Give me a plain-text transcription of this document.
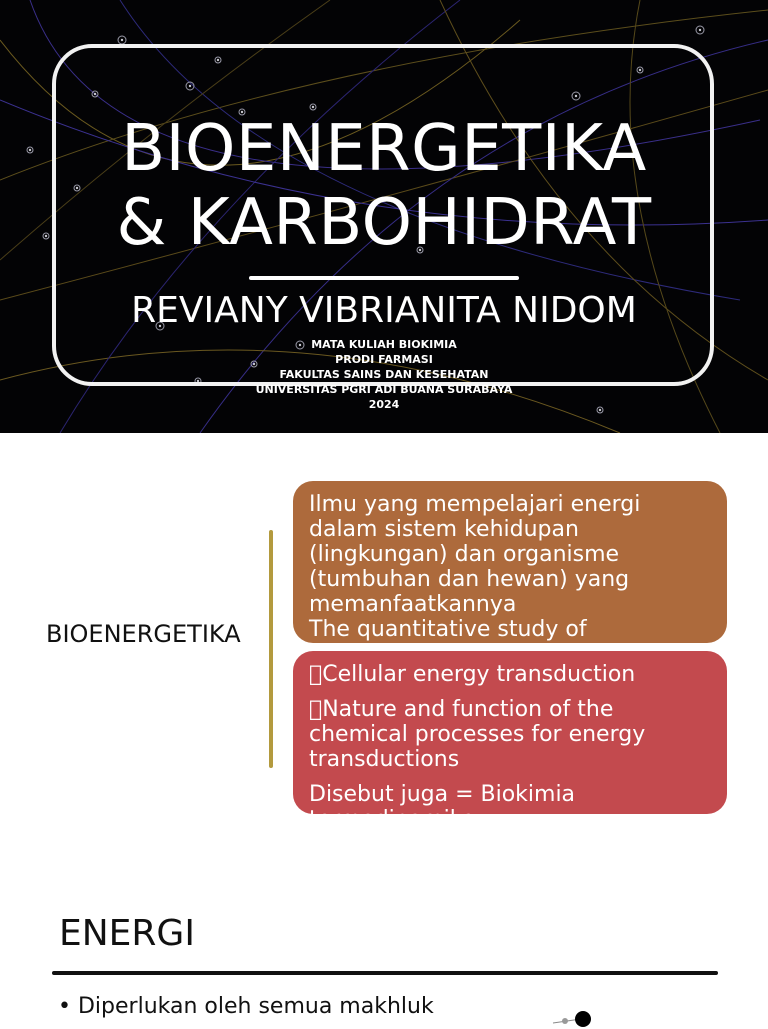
BIOENERGETIKA
& KARBOHIDRAT
REVIANY VIBRIANITA NIDOM
MATA KULIAH BIOKIMIA
PRODI FARMASI
FAKULTAS SAINS DAN KESEHATAN
UNIVERSITAS PGRI ADI BUANA SURABAYA
2024
BIOENERGETIKA

Ilmu yang mempelajari energi dalam sistem kehidupan (lingkungan) dan organisme (tumbuhan dan hewan) yang memanfaatkannya

The quantitative study of

Cellular energy transduction

Nature and function of the chemical processes for energy transductions

Disebut juga = Biokimia

termodinamika

ENERGI
• Diperlukan oleh semua makhluk
